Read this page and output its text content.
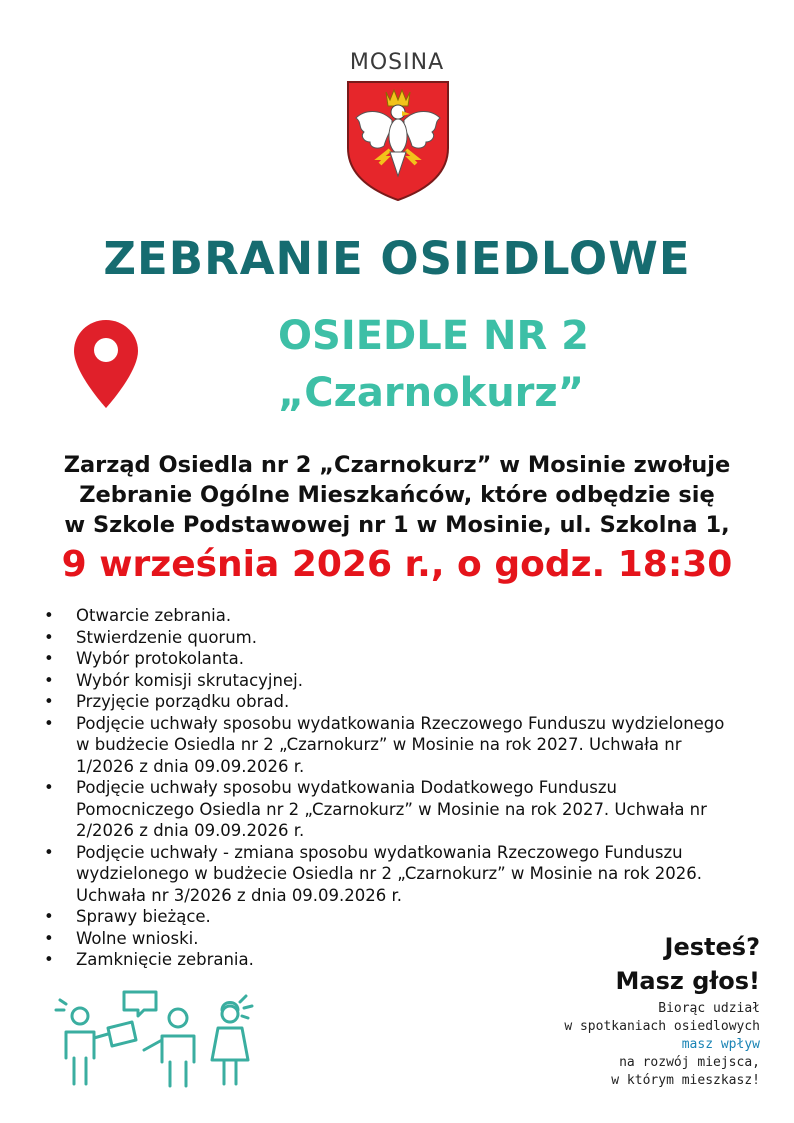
MOSINA
ZEBRANIE OSIEDLOWE
OSIEDLE NR 2
„Czarnokurz”
Zarząd Osiedla nr 2 „Czarnokurz” w Mosinie zwołuje
Zebranie Ogólne Mieszkańców, które odbędzie się
w Szkole Podstawowej nr 1 w Mosinie, ul. Szkolna 1,
9 września 2026 r., o godz. 18:30
• Otwarcie zebrania.
• Stwierdzenie quorum.
• Wybór protokolanta.
• Wybór komisji skrutacyjnej.
• Przyjęcie porządku obrad.
• Podjęcie uchwały sposobu wydatkowania Rzeczowego Funduszu wydzielonego w budżecie Osiedla nr 2 „Czarnokurz” w Mosinie na rok 2027. Uchwała nr 1/2026 z dnia 09.09.2026 r.
• Podjęcie uchwały sposobu wydatkowania Dodatkowego Funduszu Pomocniczego Osiedla nr 2 „Czarnokurz” w Mosinie na rok 2027. Uchwała nr 2/2026 z dnia 09.09.2026 r.
• Podjęcie uchwały - zmiana sposobu wydatkowania Rzeczowego Funduszu wydzielonego w budżecie Osiedla nr 2 „Czarnokurz” w Mosinie na rok 2026. Uchwała nr 3/2026 z dnia 09.09.2026 r.
• Sprawy bieżące.
• Wolne wnioski.
• Zamknięcie zebrania.	Jesteś?
Masz głos!
Biorąc udział
w spotkaniach osiedlowych
masz wpływ
na rozwój miejsca,
w którym mieszkasz!
